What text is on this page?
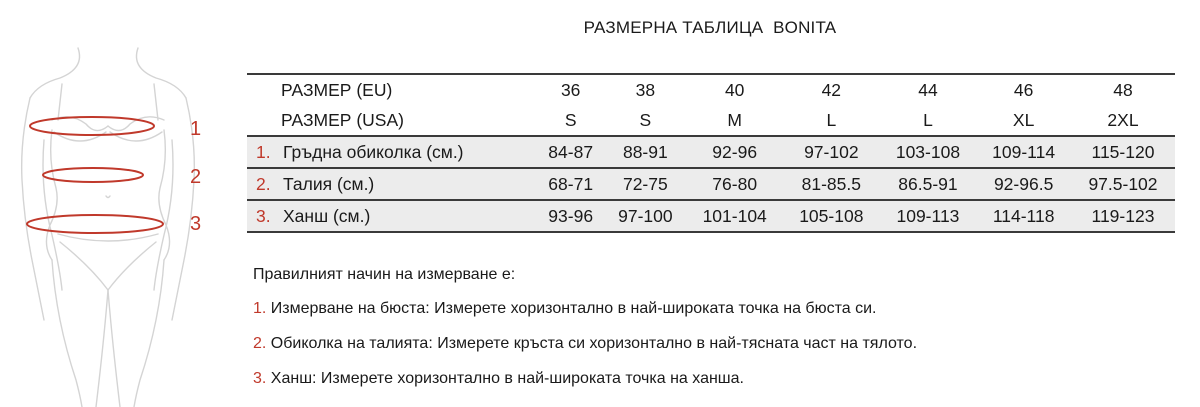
1
2
3
РАЗМЕРНА ТАБЛИЦА  BONITA
РАЗМЕР (EU)	36	38	40	42	44	46	48
РАЗМЕР (USA)	S	S	M	L	L	XL	2XL
1. Гръдна обиколка (см.)	84-87	88-91	92-96	97-102	103-108	109-114	115-120
2. Талия (см.)	68-71	72-75	76-80	81-85.5	86.5-91	92-96.5	97.5-102
3. Ханш (см.)	93-96	97-100	101-104	105-108	109-113	114-118	119-123

Правилният начин на измерване е:

1. Измерване на бюста: Измерете хоризонтално в най-широката точка на бюста си.
2. Обиколка на талията: Измерете кръста си хоризонтално в най-тясната част на тялото.
3. Ханш: Измерете хоризонтално в най-широката точка на ханша.
